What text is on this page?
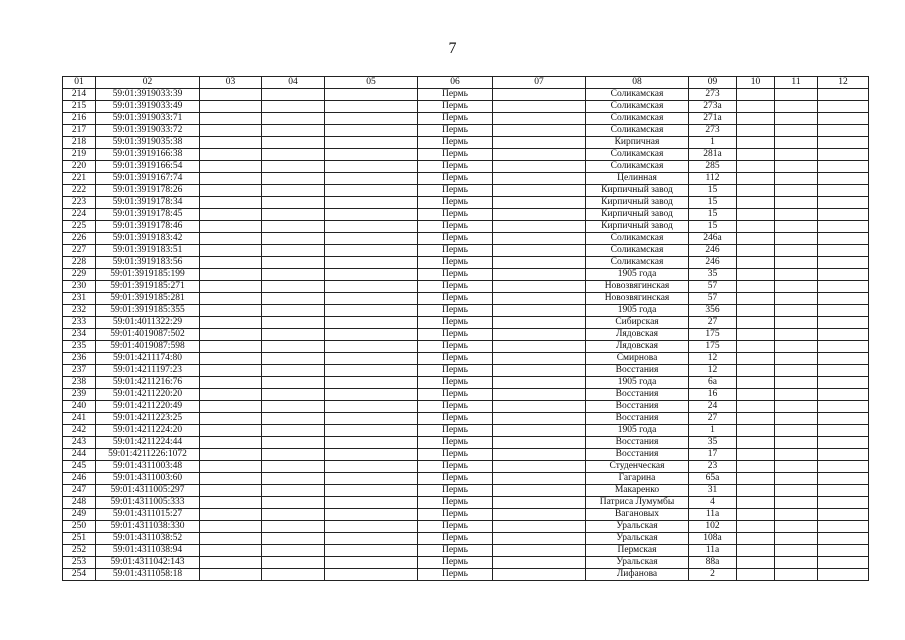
7
01	02	03	04	05	06	07	08	09	10	11	12
214	59:01:3919033:39				Пермь		Соликамская	273			
215	59:01:3919033:49				Пермь		Соликамская	273а			
216	59:01:3919033:71				Пермь		Соликамская	271а			
217	59:01:3919033:72				Пермь		Соликамская	273			
218	59:01:3919035:38				Пермь		Кирпичная	1			
219	59:01:3919166:38				Пермь		Соликамская	281а			
220	59:01:3919166:54				Пермь		Соликамская	285			
221	59:01:3919167:74				Пермь		Целинная	112			
222	59:01:3919178:26				Пермь		Кирпичный завод	15			
223	59:01:3919178:34				Пермь		Кирпичный завод	15			
224	59:01:3919178:45				Пермь		Кирпичный завод	15			
225	59:01:3919178:46				Пермь		Кирпичный завод	15			
226	59:01:3919183:42				Пермь		Соликамская	246а			
227	59:01:3919183:51				Пермь		Соликамская	246			
228	59:01:3919183:56				Пермь		Соликамская	246			
229	59:01:3919185:199				Пермь		1905 года	35			
230	59:01:3919185:271				Пермь		Новозвягинская	57			
231	59:01:3919185:281				Пермь		Новозвягинская	57			
232	59:01:3919185:355				Пермь		1905 года	356			
233	59:01:4011322:29				Пермь		Сибирская	27			
234	59:01:4019087:502				Пермь		Лядовская	175			
235	59:01:4019087:598				Пермь		Лядовская	175			
236	59:01:4211174:80				Пермь		Смирнова	12			
237	59:01:4211197:23				Пермь		Восстания	12			
238	59:01:4211216:76				Пермь		1905 года	6а			
239	59:01:4211220:20				Пермь		Восстания	16			
240	59:01:4211220:49				Пермь		Восстания	24			
241	59:01:4211223:25				Пермь		Восстания	27			
242	59:01:4211224:20				Пермь		1905 года	1			
243	59:01:4211224:44				Пермь		Восстания	35			
244	59:01:4211226:1072				Пермь		Восстания	17			
245	59:01:4311003:48				Пермь		Студенческая	23			
246	59:01:4311003:60				Пермь		Гагарина	65а			
247	59:01:4311005:297				Пермь		Макаренко	31			
248	59:01:4311005:333				Пермь		Патриса Лумумбы	4			
249	59:01:4311015:27				Пермь		Вагановых	11а			
250	59:01:4311038:330				Пермь		Уральская	102			
251	59:01:4311038:52				Пермь		Уральская	108а			
252	59:01:4311038:94				Пермь		Пермская	11а			
253	59:01:4311042:143				Пермь		Уральская	88а			
254	59:01:4311058:18				Пермь		Лифанова	2			
